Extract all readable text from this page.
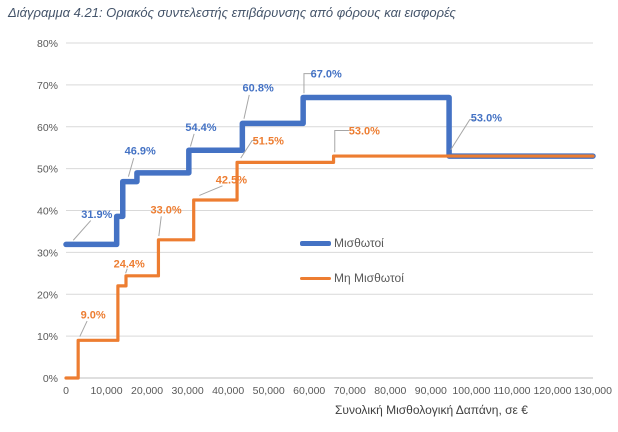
Διάγραμμα 4.21: Οριακός συντελεστής επιβάρυνσης από φόρους και εισφορές
0%
10%
20%
30%
40%
50%
60%
70%
80%
0 10,000 20,000 30,000 40,000 50,000 60,000 70,000 80,000 90,000 100,000 110,000 120,000 130,000
31.9%
46.9%
54.4%
60.8%
67.0%
53.0%
9.0%
24.4%
33.0%
42.5%
51.5%
53.0%
Μισθωτοί
Μη Μισθωτοί
Συνολική Μισθολογική Δαπάνη, σε €
